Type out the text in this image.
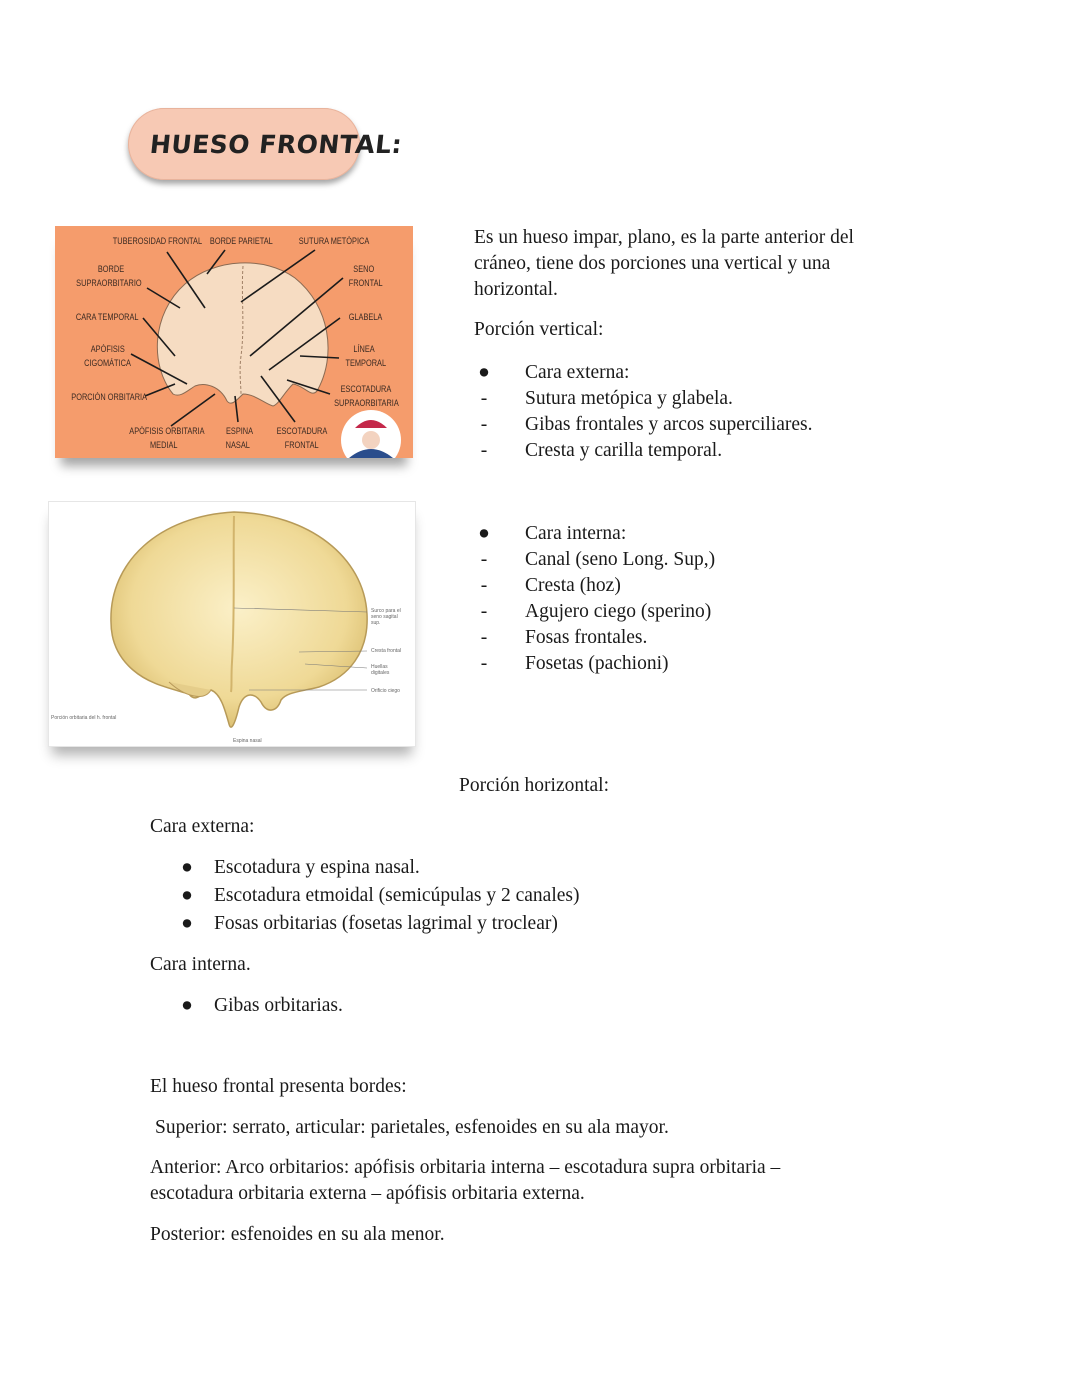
HUESO FRONTAL:
TUBEROSIDAD FRONTAL BORDE PARIETAL	SUTURA METÓPICA
BORDE
SUPRAORBITARIO
SENO
FRONTAL
CARA TEMPORAL	GLABELA
APÓFISIS
CIGOMÁTICA
LÍNEA
TEMPORAL
PORCIÓN ORBITARIA
ESCOTADURA
SUPRAORBITARIA
APÓFISIS ORBITARIA
MEDIAL
ESPINA
NASAL
ESCOTADURA
FRONTAL
Surco para el
seno sagital
sup.
Cresta frontal
Huellas
digitales
Orificio ciego
Espina nasal
Porción orbitaria del h. frontal
Es un hueso impar, plano, es la parte anterior del cráneo, tiene dos porciones una vertical y una horizontal.
Porción vertical:
● Cara externa:
-	Sutura metópica y glabela.
-	Gibas frontales y arcos superciliares.
-	Cresta y carilla temporal.
● Cara interna:
-	Canal (seno Long. Sup,)
-	Cresta (hoz)
-	Agujero ciego (sperino)
-	Fosas frontales.
-	Fosetas (pachioni)
Porción horizontal:
Cara externa:
● Escotadura y espina nasal.
● Escotadura etmoidal (semicúpulas y 2 canales)
● Fosas orbitarias (fosetas lagrimal y troclear)
Cara interna.
● Gibas orbitarias.
El hueso frontal presenta bordes:
Superior: serrato, articular: parietales, esfenoides en su ala mayor.
Anterior: Arco orbitarios: apófisis orbitaria interna – escotadura supra orbitaria – escotadura orbitaria externa – apófisis orbitaria externa.
Posterior: esfenoides en su ala menor.
